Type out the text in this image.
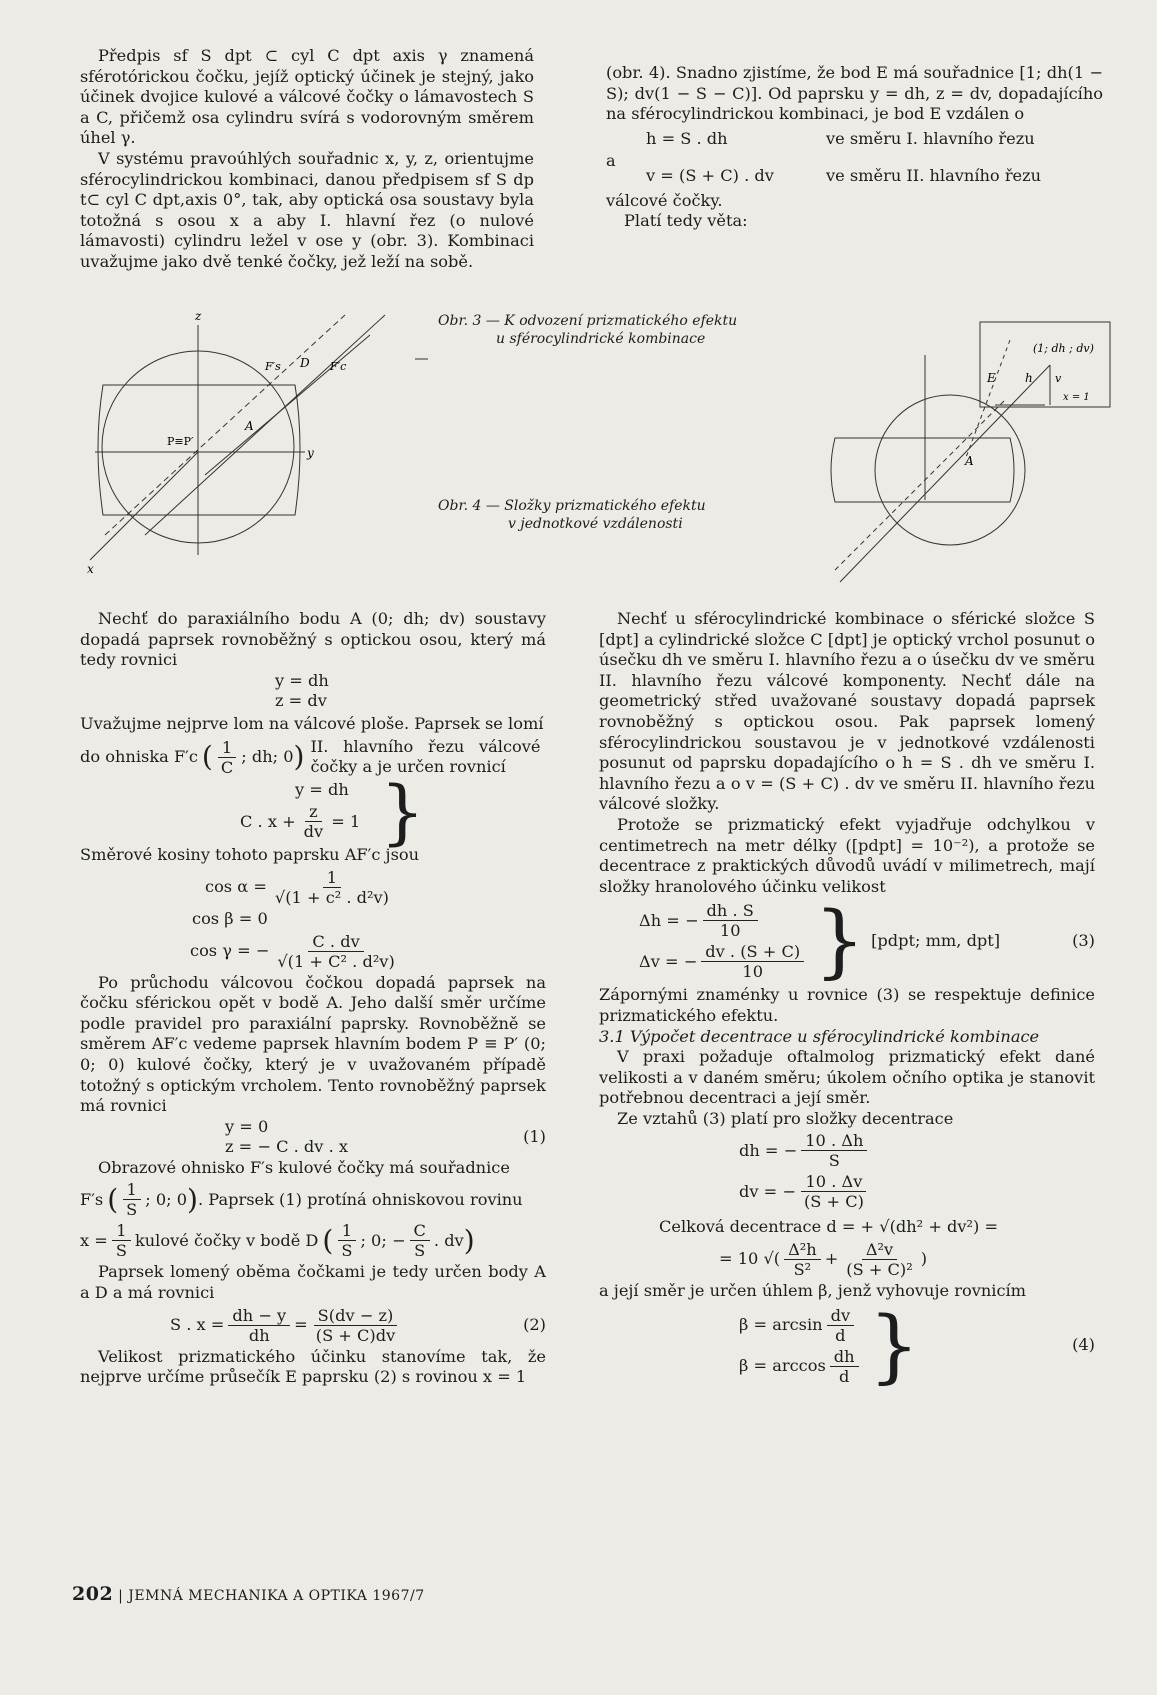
Předpis sf S dpt ⊂ cyl C dpt axis γ znamená sférotórickou čočku, jejíž optický účinek je stejný, jako účinek dvojice kulové a válcové čočky o lámavostech S a C, přičemž osa cylindru svírá s vodorovným směrem úhel γ.

V systému pravoúhlých souřadnic x, y, z, orientujme sférocylindrickou kombinaci, danou předpisem sf S dp t⊂ cyl C dpt,axis 0°, tak, aby optická osa soustavy byla totožná s osou x a aby I. hlavní řez (o nulové lámavosti) cylindru ležel v ose y (obr. 3). Kombinaci uvažujme jako dvě tenké čočky, jež leží na sobě.

(obr. 4). Snadno zjistíme, že bod E má souřadnice [1; dh(1 − S); dv(1 − S − C)]. Od paprsku y = dh, z = dv, dopadajícího na sférocylindrickou kombinaci, je bod E vzdálen o

h = S . dh	ve směru I. hlavního řezu

a

v = (S + C) . dv	ve směru II. hlavního řezu

válcové čočky.

Platí tedy věta:

z
y
x
P≡P′
A
D
F′s	F′c
Obr. 3 — K odvození prizmatického efektu
u sférocylindrické kombinace
Obr. 4 — Složky prizmatického efektu
v jednotkové vzdálenosti
(1; dh ; dv)
E h v
x = 1
A

Nechť do paraxiálního bodu A (0; dh; dv) soustavy dopadá paprsek rovnoběžný s optickou osou, který má tedy rovnici

y = dh
z = dv

Uvažujme nejprve lom na válcové ploše. Paprsek se lomí

do ohniska F′c ( $\frac{1}{C}$ ; dh; 0 ) II. hlavního řezu válcové čočky a je určen rovnicí
y = dh
C . $x + \frac{z}{dv} = 1$ }

Směrové kosiny tohoto paprsku AF′c jsou

$\cos \alpha = \frac{1}{\text{√(1 + c² . d²v)}}$
cos β = 0
cos γ = − $\frac{C . dv}{\text{√(1 + C² . d²v)}}$

Po průchodu válcovou čočkou dopadá paprsek na čočku sférickou opět v bodě A. Jeho další směr určíme podle pravidel pro paraxiální paprsky. Rovnoběžně se směrem AF′c vedeme paprsek hlavním bodem P ≡ P′ (0; 0; 0) kulové čočky, který je v uvažovaném případě totožný s optickým vrcholem. Tento rovnoběžný paprsek má rovnici

y = 0
z = − C . dv . x
(1)

Obrazové ohnisko F′s kulové čočky má souřadnice

F′s ( $\frac{1}{S}$ ; 0; 0 ) . Paprsek (1) protíná ohniskovou rovinu
$x = \frac{1}{S}$ kulové čočky v bodě D ( $\frac{1}{S}$ ; 0; − $\frac{C}{S}$ . dv )

Paprsek lomený oběma čočkami je tedy určen body A a D a má rovnici

S . $x = \frac{dh - y}{dh} = \frac{S(dv - z)}{(S + C)dv}$	(2)

Velikost prizmatického účinku stanovíme tak, že nejprve určíme průsečík E paprsku (2) s rovinou x = 1

Nechť u sférocylindrické kombinace o sférické složce S [dpt] a cylindrické složce C [dpt] je optický vrchol posunut o úsečku dh ve směru I. hlavního řezu a o úsečku dv ve směru II. hlavního řezu válcové komponenty. Nechť dále na geometrický střed uvažované soustavy dopadá paprsek rovnoběžný s optickou osou. Pak paprsek lomený sférocylindrickou soustavou je v jednotkové vzdálenosti posunut od paprsku dopadajícího o h = S . dh ve směru I. hlavního řezu a o v = (S + C) . dv ve směru II. hlavního řezu válcové složky.

Protože se prizmatický efekt vyjadřuje odchylkou v centimetrech na metr délky ([pdpt] = 10⁻²), a protože se decentrace z praktických důvodů uvádí v milimetrech, mají složky hranolového účinku velikost

Δh = − $\frac{dh . S}{10}$
Δv = − $\frac{dv . (S + C)}{10}$ } [pdpt; mm, dpt]	(3)

Zápornými znaménky u rovnice (3) se respektuje definice prizmatického efektu.

3.1 Výpočet decentrace u sférocylindrické kombinace

V praxi požaduje oftalmolog prizmatický efekt dané velikosti a v daném směru; úkolem očního optika je stanovit potřebnou decentraci a její směr.

Ze vztahů (3) platí pro složky decentrace

dh = − $\frac{10 . \Delta h}{S}$
dv = − $\frac{10 . \Delta v}{(S + C)}$

Celková decentrace d = + √(dh² + dv²) =

= 10 √( $\frac{\text{Δ²h}}{\text{S²}} + \frac{\text{Δ²v}}{\text{(S + C)²}}$ )

a její směr je určen úhlem β, jenž vyhovuje rovnicím

$\beta = \arcsin \frac{dv}{d}$
$\beta = \arccos \frac{dh}{d}$ }	(4)
202 | JEMNÁ MECHANIKA A OPTIKA 1967/7
